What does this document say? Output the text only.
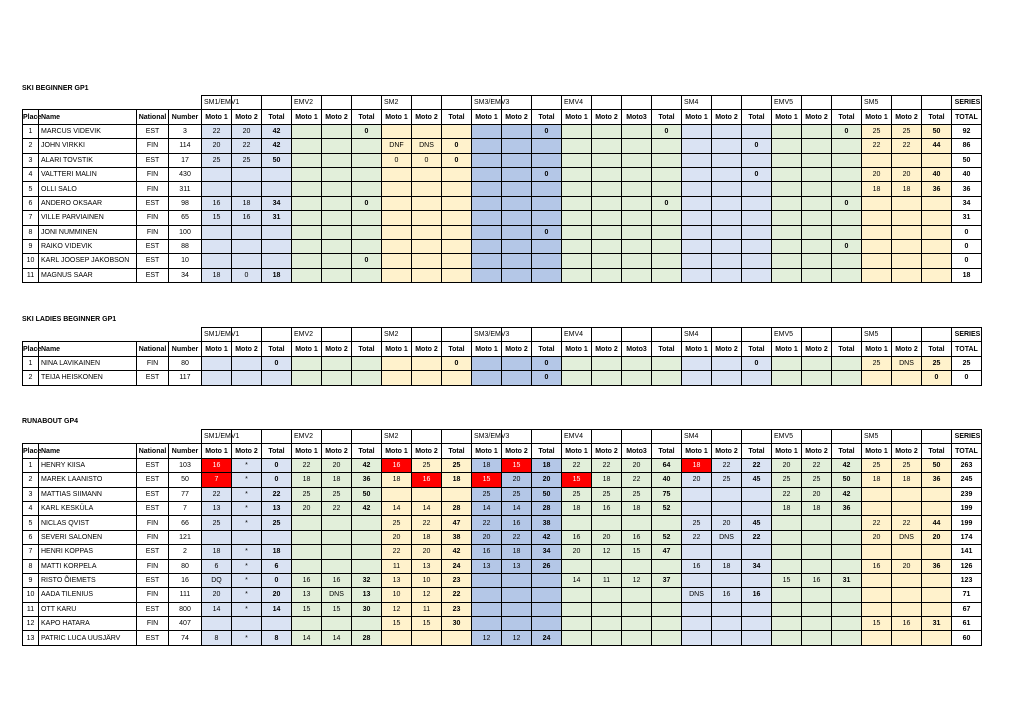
SKI BEGINNER GP1
				SM1/EMV1			EMV2			SM2			SM3/EMV3			EMV4				SM4			EMV5			SM5			SERIES
Place	Name	National	Number	Moto 1	Moto 2	Total	Moto 1	Moto 2	Total	Moto 1	Moto 2	Total	Moto 1	Moto 2	Total	Moto 1	Moto 2	Moto3	Total	Moto 1	Moto 2	Total	Moto 1	Moto 2	Total	Moto 1	Moto 2	Total	TOTAL
1	MARCUS VIDEVIK	EST	3	22	20	42			0						0				0						0	25	25	50	92
2	JOHN VIRKKI	FIN	114	20	22	42				DNF	DNS	0										0				22	22	44	86
3	ALARI TOVSTIK	EST	17	25	25	50				0	0	0																	50
4	VALTTERI MALIN	FIN	430												0							0				20	20	40	40
5	OLLI SALO	FIN	311																							18	18	36	36
6	ANDERO OKSAAR	EST	98	16	18	34			0										0						0				34
7	VILLE PARVIAINEN	FIN	65	15	16	31																							31
8	JONI NUMMINEN	FIN	100												0														0
9	RAIKO VIDEVIK	EST	88																						0				0
10	KARL JOOSEP JAKOBSON	EST	10						0																				0
11	MAGNUS SAAR	EST	34	18	0	18																							18
SKI LADIES BEGINNER GP1
				SM1/EMV1			EMV2			SM2			SM3/EMV3			EMV4				SM4			EMV5			SM5			SERIES
Place	Name	National	Number	Moto 1	Moto 2	Total	Moto 1	Moto 2	Total	Moto 1	Moto 2	Total	Moto 1	Moto 2	Total	Moto 1	Moto 2	Moto3	Total	Moto 1	Moto 2	Total	Moto 1	Moto 2	Total	Moto 1	Moto 2	Total	TOTAL
1	NINA LAVIKAINEN	FIN	80			0						0			0							0				25	DNS	25	25
2	TEIJA HEISKONEN	EST	117												0													0	0
RUNABOUT GP4
				SM1/EMV1			EMV2			SM2			SM3/EMV3			EMV4				SM4			EMV5			SM5			SERIES
Place	Name	National	Number	Moto 1	Moto 2	Total	Moto 1	Moto 2	Total	Moto 1	Moto 2	Total	Moto 1	Moto 2	Total	Moto 1	Moto 2	Moto3	Total	Moto 1	Moto 2	Total	Moto 1	Moto 2	Total	Moto 1	Moto 2	Total	TOTAL
1	HENRY KIISA	EST	103	16	*	0	22	20	42	16	25	25	18	15	18	22	22	20	64	18	22	22	20	22	42	25	25	50	263
2	MAREK LAANISTO	EST	50	7	*	0	18	18	36	18	16	18	15	20	20	15	18	22	40	20	25	45	25	25	50	18	18	36	245
3	MATTIAS SIIMANN	EST	77	22	*	22	25	25	50				25	25	50	25	25	25	75				22	20	42				239
4	KARL KESKÜLA	EST	7	13	*	13	20	22	42	14	14	28	14	14	28	18	16	18	52				18	18	36				199
5	NICLAS QVIST	FIN	66	25	*	25				25	22	47	22	16	38					25	20	45				22	22	44	199
6	SEVERI SALONEN	FIN	121							20	18	38	20	22	42	16	20	16	52	22	DNS	22				20	DNS	20	174
7	HENRI KOPPAS	EST	2	18	*	18				22	20	42	16	18	34	20	12	15	47										141
8	MATTI KORPELA	FIN	80	6	*	6				11	13	24	13	13	26					16	18	34				16	20	36	126
9	RISTO ÕIEMETS	EST	16	DQ	*	0	16	16	32	13	10	23				14	11	12	37				15	16	31				123
10	AADA TILENIUS	FIN	111	20	*	20	13	DNS	13	10	12	22								DNS	16	16							71
11	OTT KARU	EST	800	14	*	14	15	15	30	12	11	23																	67
12	KAPO HATARA	FIN	407							15	15	30														15	16	31	61
13	PATRIC LUCA UUSJÄRV	EST	74	8	*	8	14	14	28				12	12	24														60
